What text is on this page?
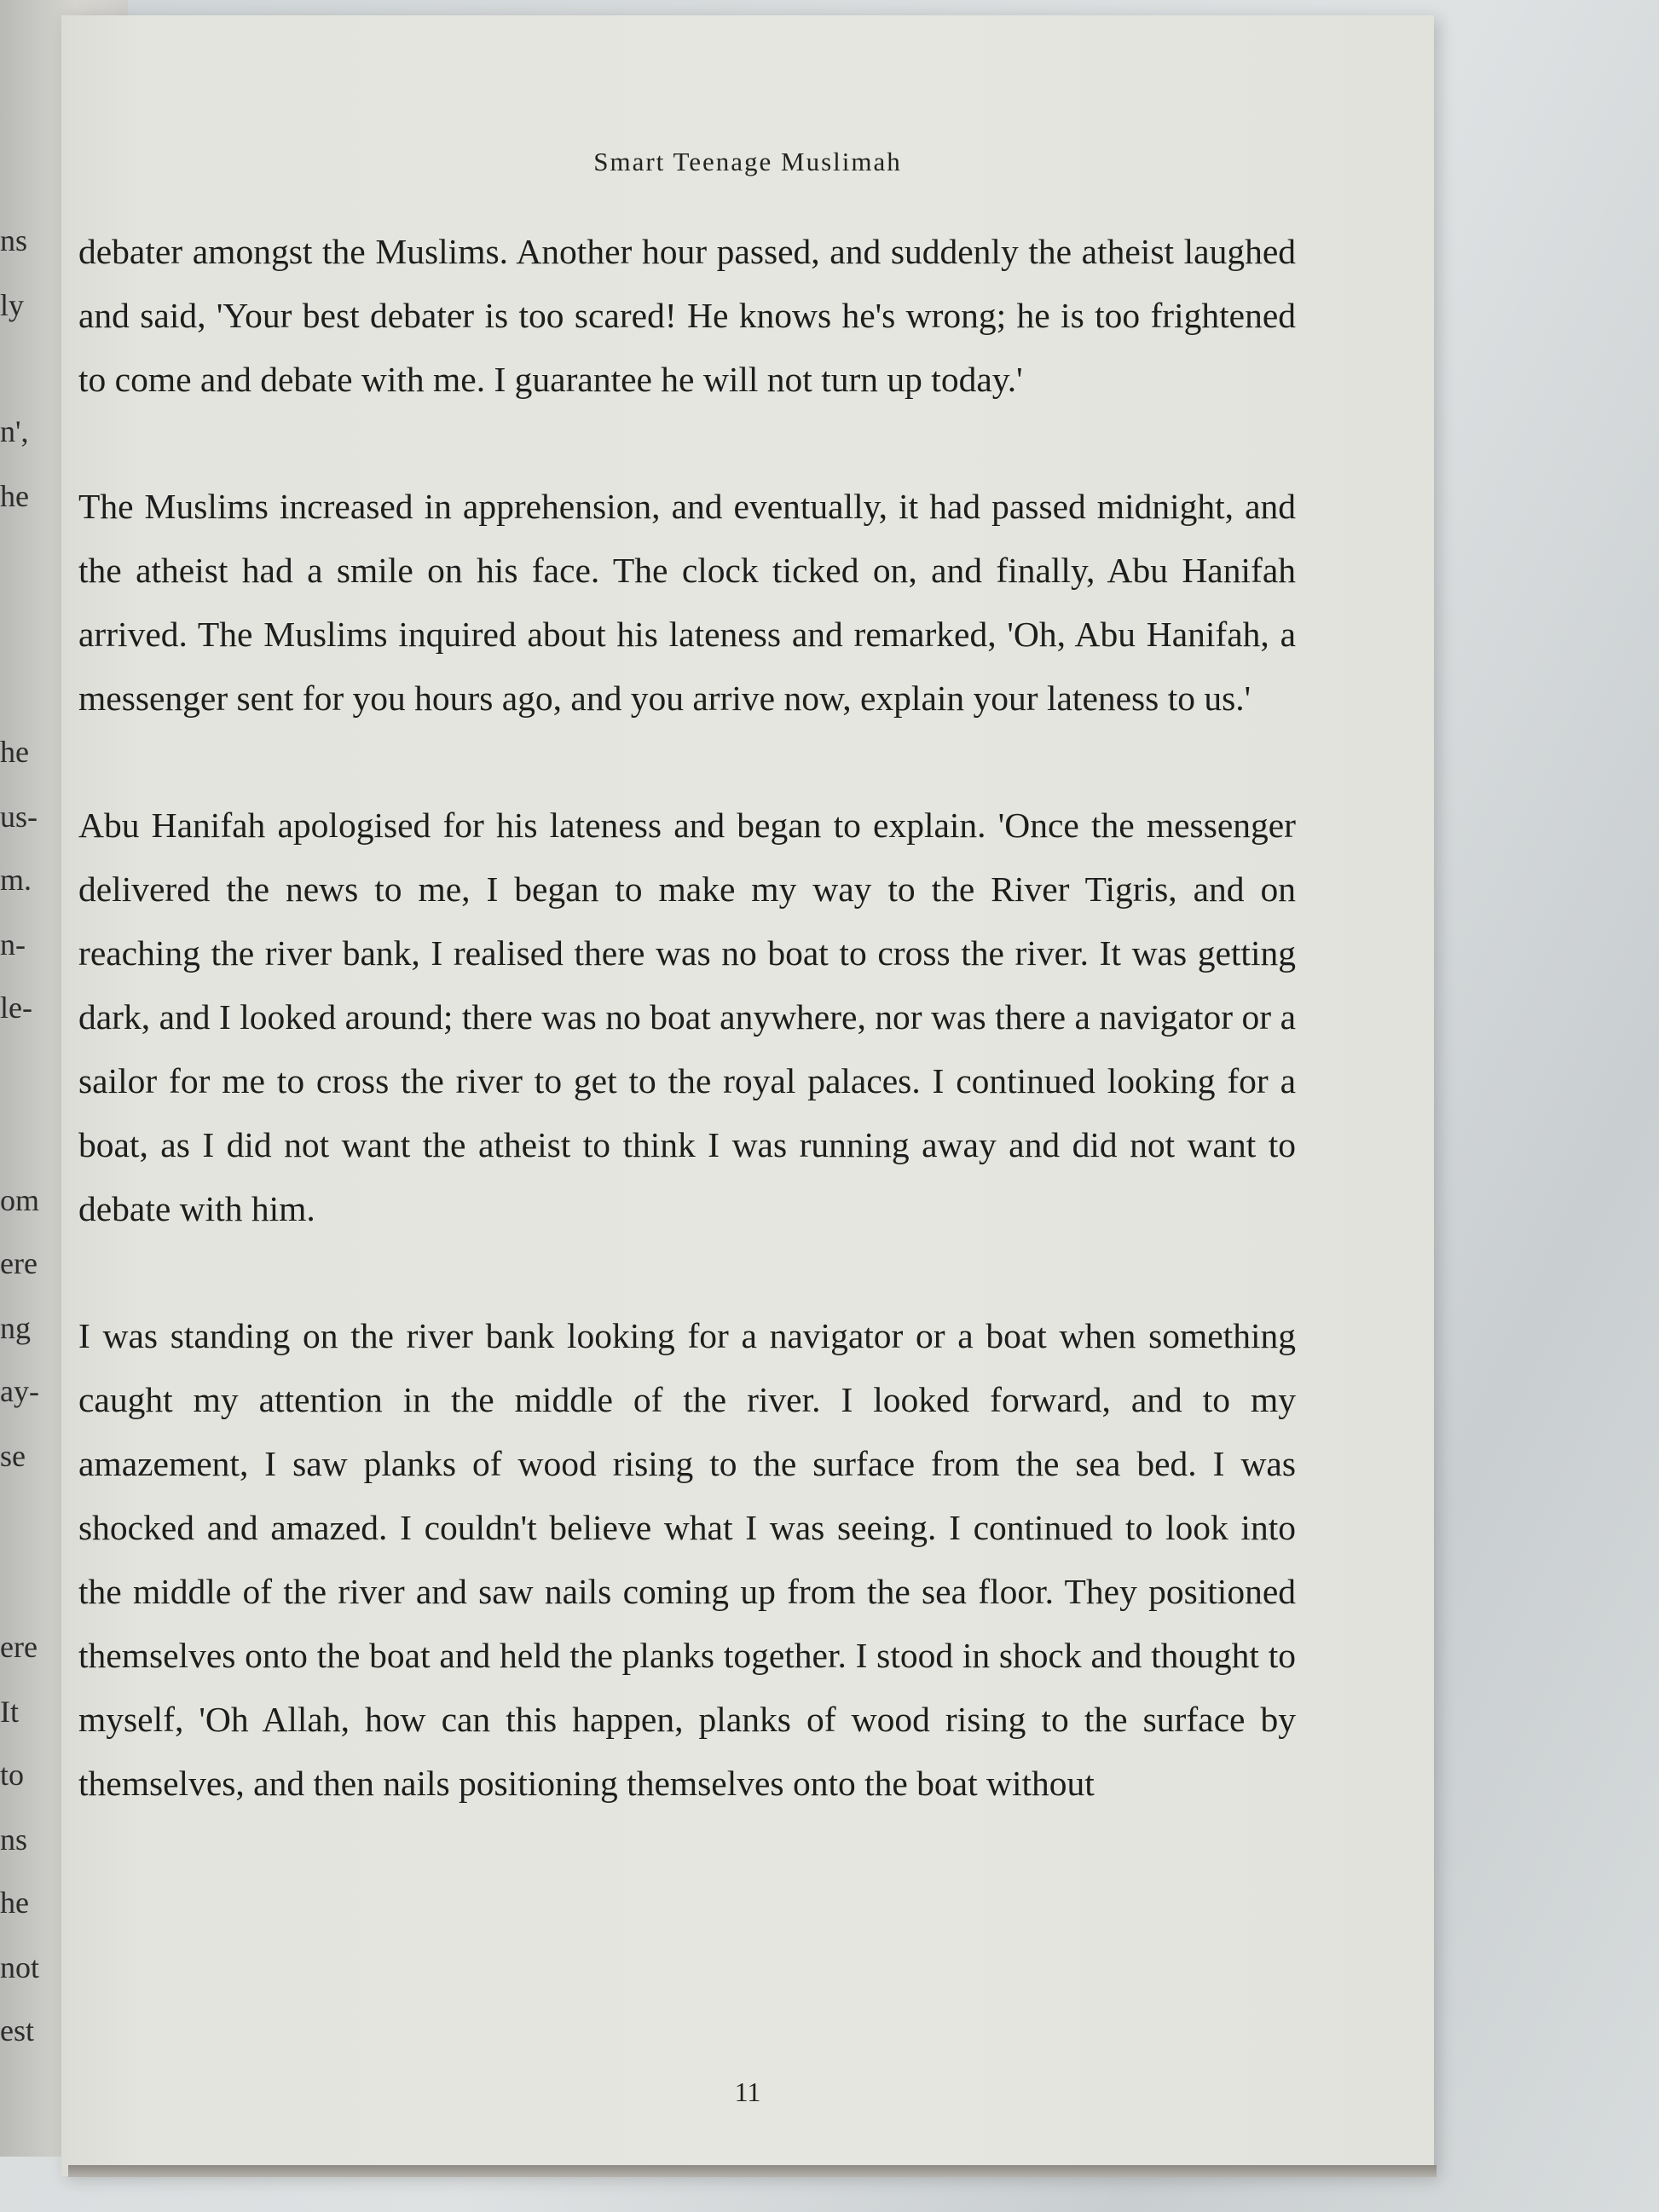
ns
ly
n',
he
he
us-
m.
n-
le-
om
ere
ng
ay-
se
ere
It
to
ns
he
not
est
Smart Teenage Muslimah

debater amongst the Muslims. Another hour passed, and suddenly the atheist laughed and said, 'Your best debater is too scared! He knows he's wrong; he is too frightened to come and debate with me. I guarantee he will not turn up today.'

The Muslims increased in apprehension, and eventually, it had passed midnight, and the atheist had a smile on his face. The clock ticked on, and finally, Abu Hanifah arrived. The Muslims inquired about his lateness and remarked, 'Oh, Abu Hanifah, a messenger sent for you hours ago, and you arrive now, explain your lateness to us.'

Abu Hanifah apologised for his lateness and began to explain. 'Once the messenger delivered the news to me, I began to make my way to the River Tigris, and on reaching the river bank, I realised there was no boat to cross the river. It was getting dark, and I looked around; there was no boat anywhere, nor was there a navigator or a sailor for me to cross the river to get to the royal palaces. I continued looking for a boat, as I did not want the atheist to think I was running away and did not want to debate with him.

I was standing on the river bank looking for a navigator or a boat when something caught my attention in the middle of the river. I looked forward, and to my amazement, I saw planks of wood rising to the surface from the sea bed. I was shocked and amazed. I couldn't believe what I was seeing. I continued to look into the middle of the river and saw nails coming up from the sea floor. They positioned themselves onto the boat and held the planks together. I stood in shock and thought to myself, 'Oh Allah, how can this happen, planks of wood rising to the surface by themselves, and then nails positioning themselves onto the boat without

11
